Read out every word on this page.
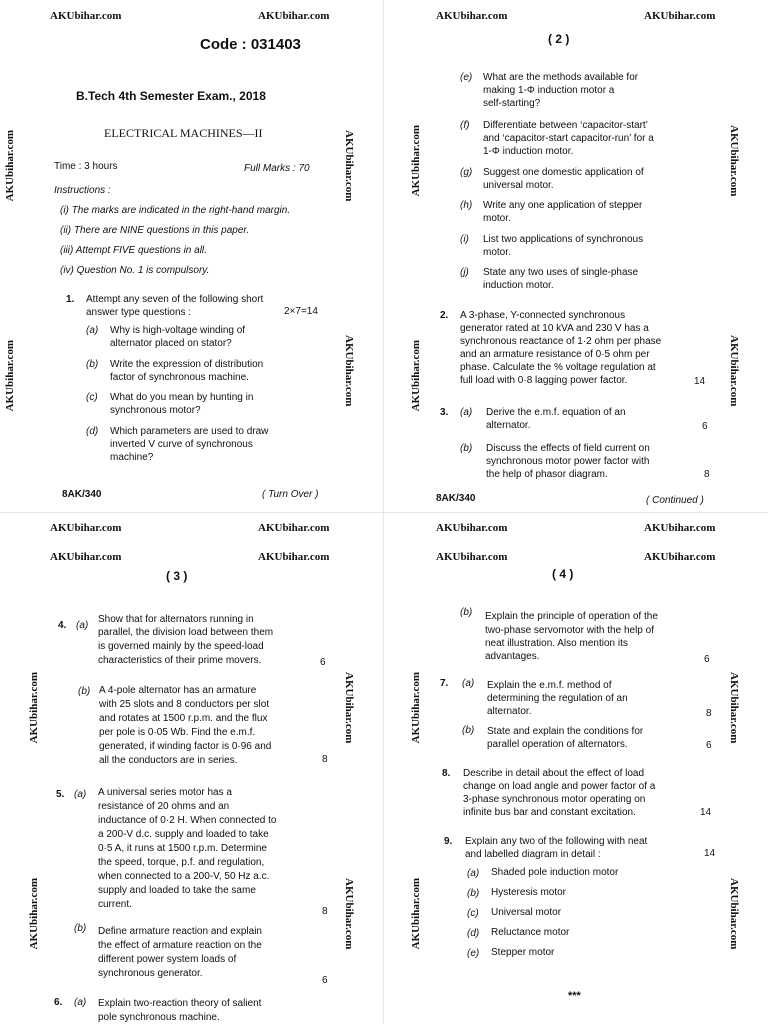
AKUbihar.com	AKUbihar.com
AKUbihar.com
AKUbihar.com
AKUbihar.com
AKUbihar.com
Code : 031403
B.Tech 4th Semester Exam., 2018
ELECTRICAL MACHINES—II
Time : 3 hours	Full Marks : 70
Instructions :
(i) The marks are indicated in the right-hand margin.
(ii) There are NINE questions in this paper.
(iii) Attempt FIVE questions in all.
(iv) Question No. 1 is compulsory.
1. Attempt any seven of the following short
answer type questions :	2×7=14
(a) Why is high-voltage winding of
alternator placed on stator?
(b) Write the expression of distribution
factor of synchronous machine.
(c) What do you mean by hunting in
synchronous motor?
(d) Which parameters are used to draw
inverted V curve of synchronous
machine?
8AK/340	( Turn Over )
AKUbihar.com	AKUbihar.com
AKUbihar.com
AKUbihar.com
AKUbihar.com
AKUbihar.com
( 2 )
(e) What are the methods available for
making 1-Φ induction motor a
self-starting?
(f) Differentiate between ‘capacitor-start’
and ‘capacitor-start capacitor-run’ for a
1-Φ induction motor.
(g) Suggest one domestic application of
universal motor.
(h) Write any one application of stepper
motor.
(i) List two applications of synchronous
motor.
(j) State any two uses of single-phase
induction motor.
2. A 3-phase, Y-connected synchronous
generator rated at 10 kVA and 230 V has a
synchronous reactance of 1·2 ohm per phase
and an armature resistance of 0·5 ohm per
phase. Calculate the % voltage regulation at
full load with 0·8 lagging power factor.	14
3. (a) Derive the e.m.f. equation of an
alternator.	6
(b) Discuss the effects of field current on
synchronous motor power factor with
the help of phasor diagram.	8
8AK/340	( Continued )
AKUbihar.com	AKUbihar.com
AKUbihar.com	AKUbihar.com
AKUbihar.com
AKUbihar.com
AKUbihar.com
AKUbihar.com
( 3 )
4. (a)
Show that for alternators running in
parallel, the division load between them
is governed mainly by the speed-load
characteristics of their prime movers.	6
(b) A 4-pole alternator has an armature
with 25 slots and 8 conductors per slot
and rotates at 1500 r.p.m. and the flux
per pole is 0·05 Wb. Find the e.m.f.
generated, if winding factor is 0·96 and
all the conductors are in series.	8
5. (a) A universal series motor has a
resistance of 20 ohms and an
inductance of 0·2 H. When connected to
a 200-V d.c. supply and loaded to take
0·5 A, it runs at 1500 r.p.m. Determine
the speed, torque, p.f. and regulation,
when connected to a 200-V, 50 Hz a.c.
supply and loaded to take the same
current.
8
(b) Define armature reaction and explain
the effect of armature reaction on the
different power system loads of
synchronous generator.
6
6. (a) Explain two-reaction theory of salient
pole synchronous machine.
AKUbihar.com	AKUbihar.com
AKUbihar.com	AKUbihar.com
AKUbihar.com
AKUbihar.com
AKUbihar.com
AKUbihar.com
( 4 )
(b) Explain the principle of operation of the
two-phase servomotor with the help of
neat illustration. Also mention its
advantages.	6
7. (a) Explain the e.m.f. method of
determining the regulation of an
alternator.	8
(b) State and explain the conditions for
parallel operation of alternators.	6
8. Describe in detail about the effect of load
change on load angle and power factor of a
3-phase synchronous motor operating on
infinite bus bar and constant excitation.	14
9. Explain any two of the following with neat
and labelled diagram in detail :	14
(a) Shaded pole induction motor
(b) Hysteresis motor
(c) Universal motor
(d) Reluctance motor
(e) Stepper motor
***
